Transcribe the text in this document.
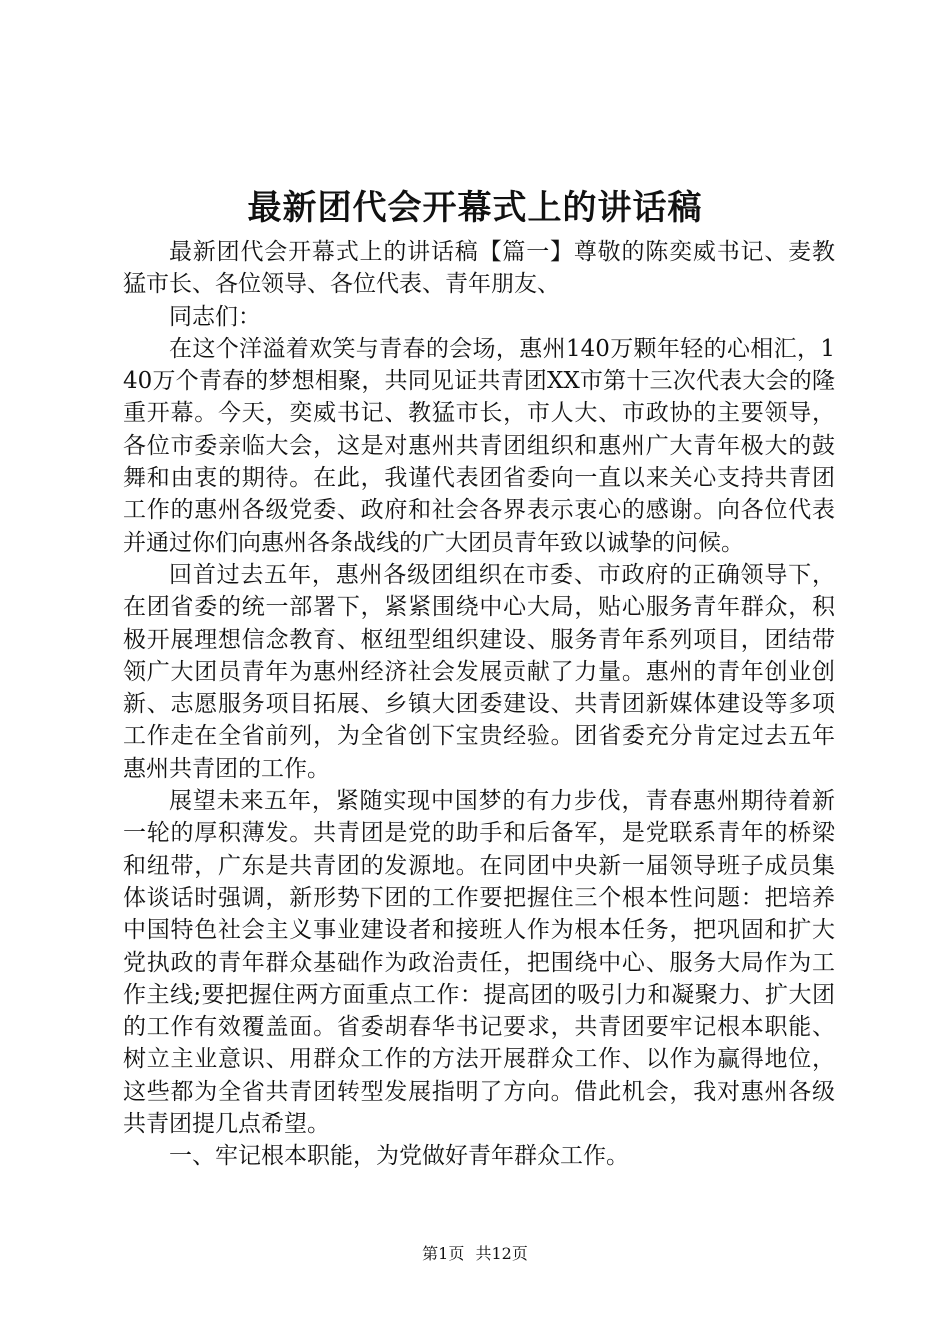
最新团代会开幕式上的讲话稿

最新团代会开幕式上的讲话稿【篇一】尊敬的陈奕威书记、麦教猛市长、各位领导、各位代表、青年朋友、

同志们：

在这个洋溢着欢笑与青春的会场，惠州140万颗年轻的心相汇，140万个青春的梦想相聚，共同见证共青团XX市第十三次代表大会的隆重开幕。今天，奕威书记、教猛市长，市人大、市政协的主要领导，各位市委亲临大会，这是对惠州共青团组织和惠州广大青年极大的鼓舞和由衷的期待。在此，我谨代表团省委向一直以来关心支持共青团工作的惠州各级党委、政府和社会各界表示衷心的感谢。向各位代表并通过你们向惠州各条战线的广大团员青年致以诚挚的问候。

回首过去五年，惠州各级团组织在市委、市政府的正确领导下，在团省委的统一部署下，紧紧围绕中心大局，贴心服务青年群众，积极开展理想信念教育、枢纽型组织建设、服务青年系列项目，团结带领广大团员青年为惠州经济社会发展贡献了力量。惠州的青年创业创新、志愿服务项目拓展、乡镇大团委建设、共青团新媒体建设等多项工作走在全省前列，为全省创下宝贵经验。团省委充分肯定过去五年惠州共青团的工作。

展望未来五年，紧随实现中国梦的有力步伐，青春惠州期待着新一轮的厚积薄发。共青团是党的助手和后备军，是党联系青年的桥梁和纽带，广东是共青团的发源地。在同团中央新一届领导班子成员集体谈话时强调，新形势下团的工作要把握住三个根本性问题：把培养中国特色社会主义事业建设者和接班人作为根本任务，把巩固和扩大党执政的青年群众基础作为政治责任，把围绕中心、服务大局作为工作主线;要把握住两方面重点工作：提高团的吸引力和凝聚力、扩大团的工作有效覆盖面。省委胡春华书记要求，共青团要牢记根本职能、树立主业意识、用群众工作的方法开展群众工作、以作为赢得地位，这些都为全省共青团转型发展指明了方向。借此机会，我对惠州各级共青团提几点希望。

一、牢记根本职能，为党做好青年群众工作。

第1页 共12页
